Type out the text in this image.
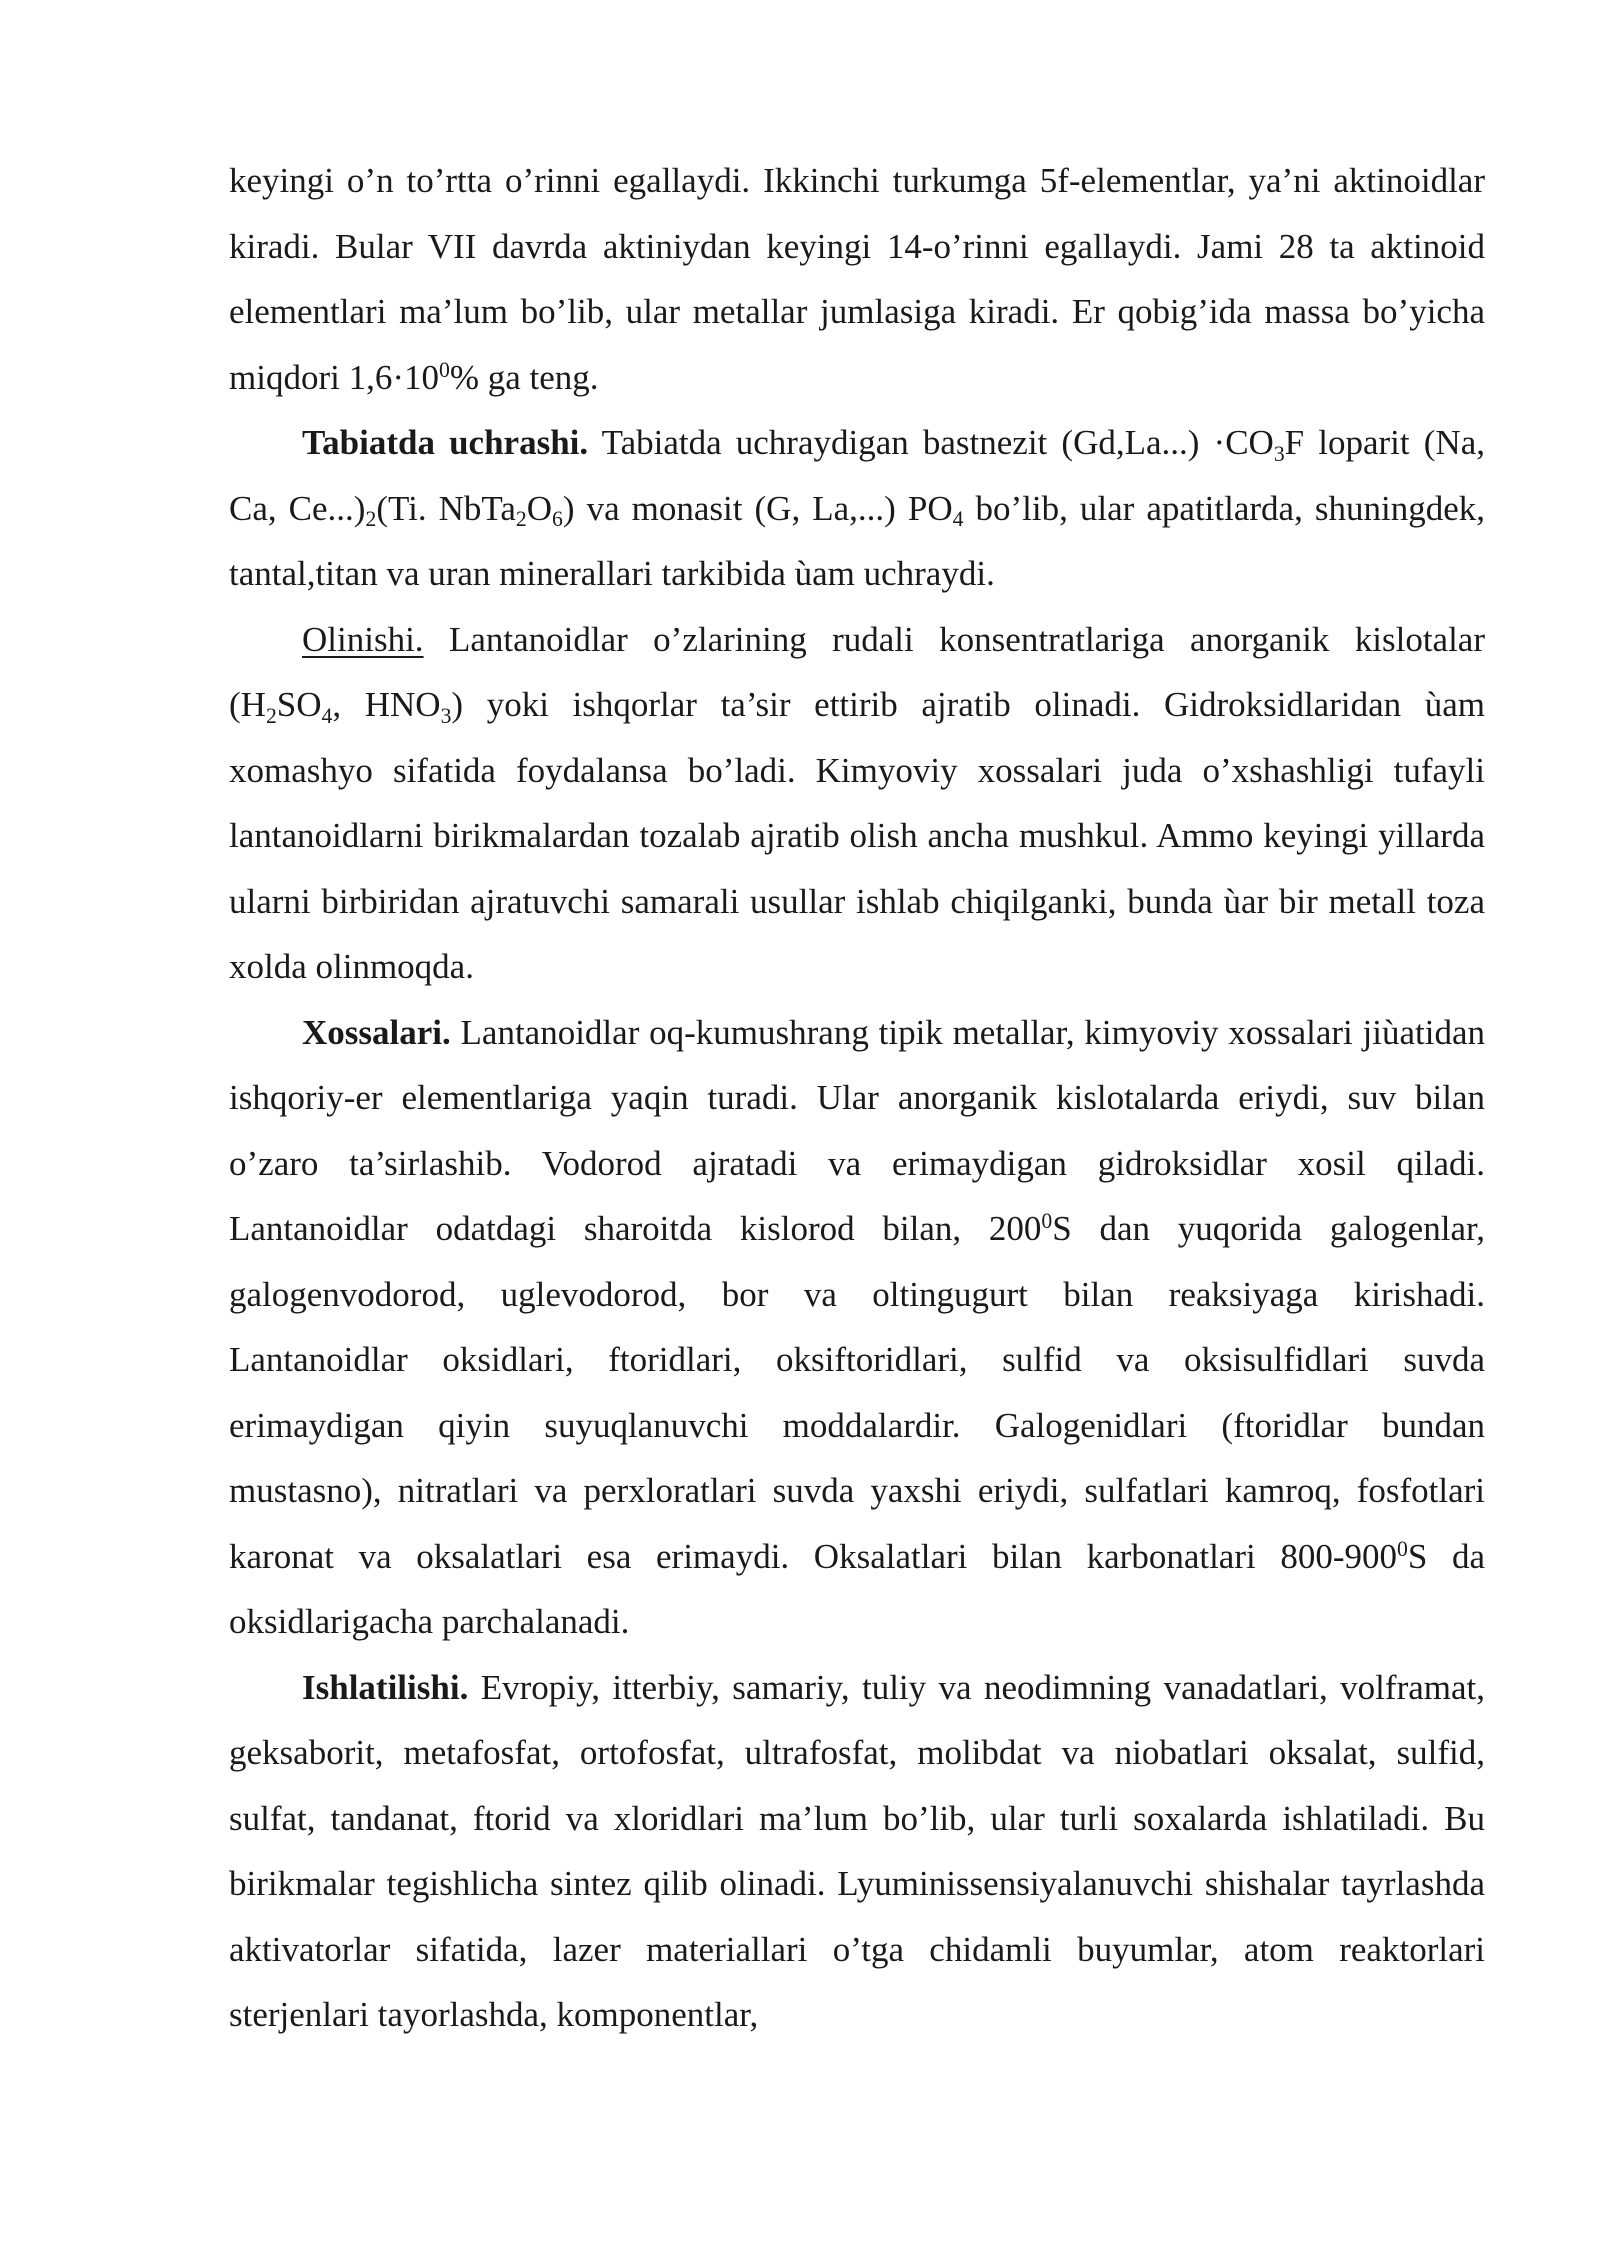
keyingi o’n to’rtta o’rinni egallaydi. Ikkinchi turkumga 5f-elementlar, ya’ni aktinoidlar kiradi. Bular VII davrda aktiniydan keyingi 14-o’rinni egallaydi. Jami 28 ta aktinoid elementlari ma’lum bo’lib, ular metallar jumlasiga kiradi. Er qobig’ida massa bo’yicha miqdori $1,6\cdot 10^0\%$ ga teng.

Tabiatda uchrashi. Tabiatda uchraydigan bastnezit $(Gd,La...) \cdot CO_3F$ loparit (Na, Ca, $Ce...)_2(Ti$. $NbTa_2O_6$) va monasit (G, La,...) $PO_4$ bo’lib, ular apatitlarda, shuningdek, tantal,titan va uran minerallari tarkibida ùam uchraydi.

Olinishi. Lantanoidlar o’zlarining rudali konsentratlariga anorganik kislotalar ($H_2SO_4$, $HNO_3$) yoki ishqorlar ta’sir ettirib ajratib olinadi. Gidroksidlaridan ùam xomashyo sifatida foydalansa bo’ladi. Kimyoviy xossalari juda o’xshashligi tufayli lantanoidlarni birikmalardan tozalab ajratib olish ancha mushkul. Ammo keyingi yillarda ularni birbiridan ajratuvchi samarali usullar ishlab chiqilganki, bunda ùar bir metall toza xolda olinmoqda.

Xossalari. Lantanoidlar oq-kumushrang tipik metallar, kimyoviy xossalari jiùatidan ishqoriy-er elementlariga yaqin turadi. Ular anorganik kislotalarda eriydi, suv bilan o’zaro ta’sirlashib. Vodorod ajratadi va erimaydigan gidroksidlar xosil qiladi. Lantanoidlar odatdagi sharoitda kislorod bilan, $200^0S$ dan yuqorida galogenlar, galogenvodorod, uglevodorod, bor va oltingugurt bilan reaksiyaga kirishadi. Lantanoidlar oksidlari, ftoridlari, oksiftoridlari, sulfid va oksisulfidlari suvda erimaydigan qiyin suyuqlanuvchi moddalardir. Galogenidlari (ftoridlar bundan mustasno), nitratlari va perxloratlari suvda yaxshi eriydi, sulfatlari kamroq, fosfotlari karonat va oksalatlari esa erimaydi. Oksalatlari bilan karbonatlari $800-900^0S$ da oksidlarigacha parchalanadi.

Ishlatilishi. Evropiy, itterbiy, samariy, tuliy va neodimning vanadatlari, volframat, geksaborit, metafosfat, ortofosfat, ultrafosfat, molibdat va niobatlari oksalat, sulfid, sulfat, tandanat, ftorid va xloridlari ma’lum bo’lib, ular turli soxalarda ishlatiladi. Bu birikmalar tegishlicha sintez qilib olinadi. Lyuminissensiyalanuvchi shishalar tayrlashda aktivatorlar sifatida, lazer materiallari o’tga chidamli buyumlar, atom reaktorlari sterjenlari tayorlashda, komponentlar,
